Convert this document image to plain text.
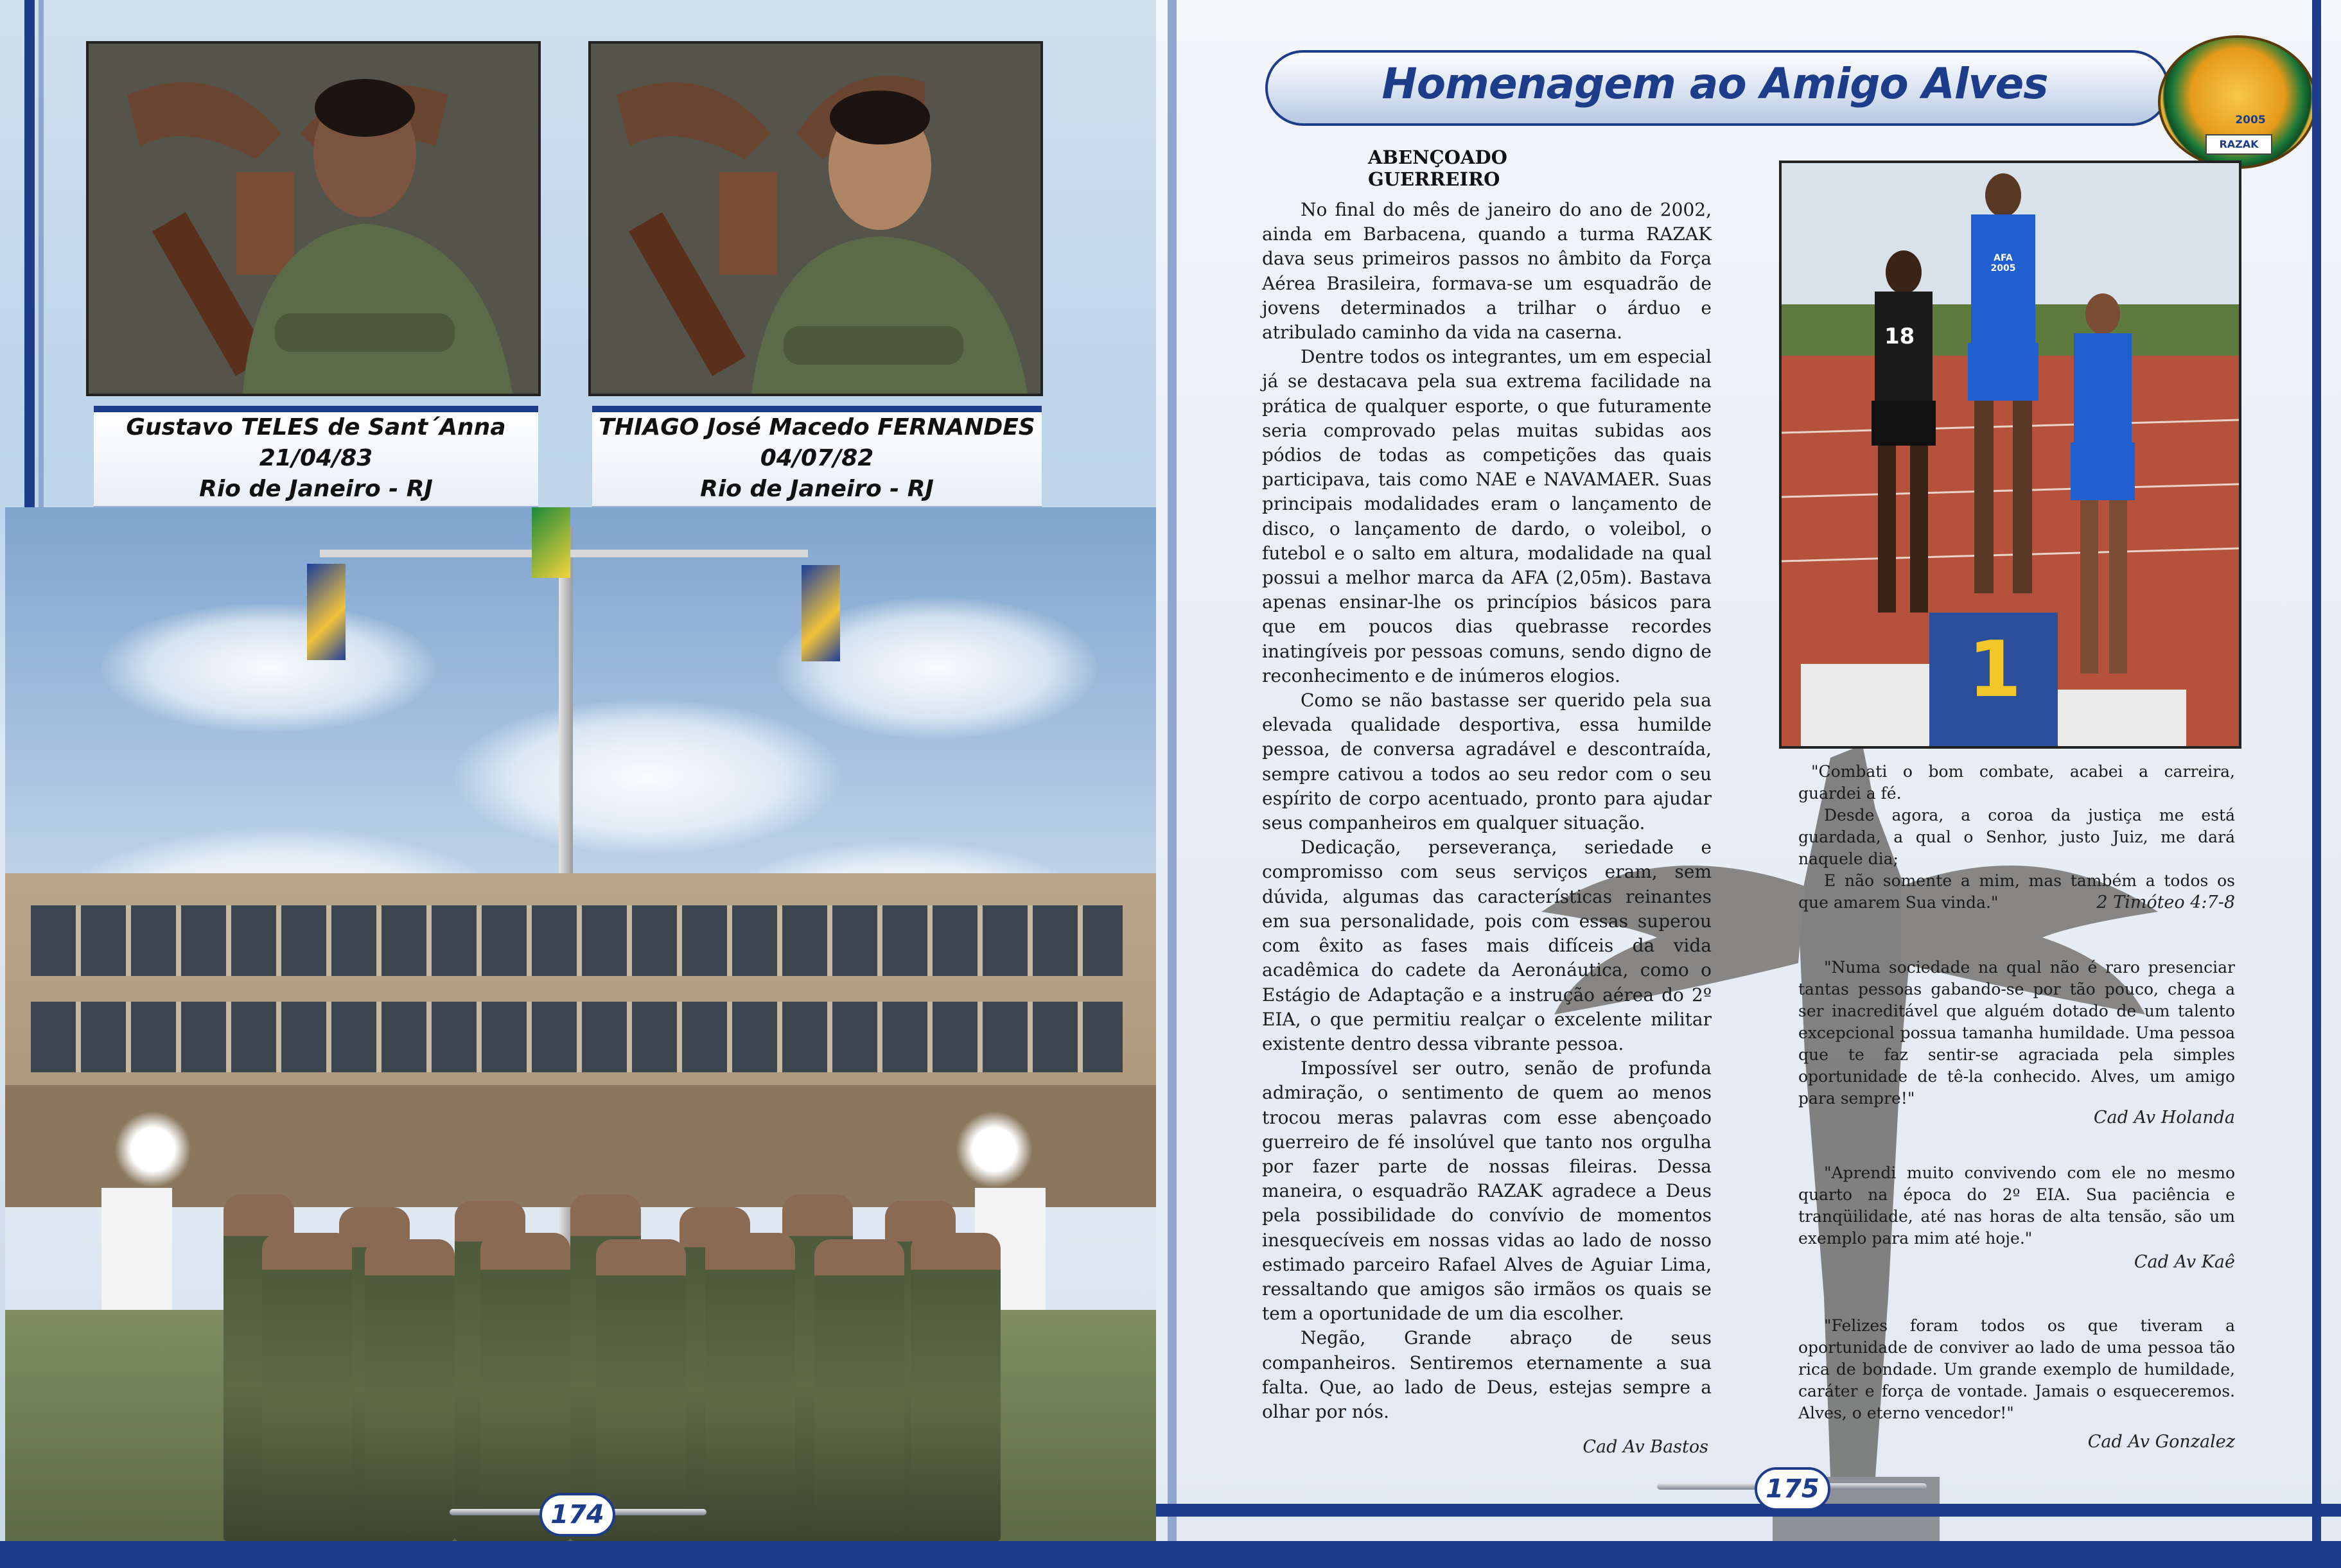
Gustavo TELES de Sant´Anna
21/04/83
Rio de Janeiro - RJ
THIAGO José Macedo FERNANDES
04/07/82
Rio de Janeiro - RJ
174
Homenagem ao Amigo Alves
RAZAK
2005
ABENÇOADO GUERREIRO

No final do mês de janeiro do ano de 2002, ainda em Barbacena, quando a turma RAZAK dava seus primeiros passos no âmbito da Força Aérea Brasileira, formava-se um esquadrão de jovens determinados a trilhar o árduo e atribulado caminho da vida na caserna.

Dentre todos os integrantes, um em especial já se destacava pela sua extrema facilidade na prática de qualquer esporte, o que futuramente seria comprovado pelas muitas subidas aos pódios de todas as competições das quais participava, tais como NAE e NAVAMAER. Suas principais modalidades eram o lançamento de disco, o lançamento de dardo, o voleibol, o futebol e o salto em altura, modalidade na qual possui a melhor marca da AFA (2,05m). Bastava apenas ensinar-lhe os princípios básicos para que em poucos dias quebrasse recordes inatingíveis por pessoas comuns, sendo digno de reconhecimento e de inúmeros elogios.

Como se não bastasse ser querido pela sua elevada qualidade desportiva, essa humilde pessoa, de conversa agradável e descontraída, sempre cativou a todos ao seu redor com o seu espírito de corpo acentuado, pronto para ajudar seus companheiros em qualquer situação.

Dedicação, perseverança, seriedade e compromisso com seus serviços eram, sem dúvida, algumas das características reinantes em sua personalidade, pois com essas superou com êxito as fases mais difíceis da vida acadêmica do cadete da Aeronáutica, como o Estágio de Adaptação e a instrução aérea do 2º EIA, o que permitiu realçar o excelente militar existente dentro dessa vibrante pessoa.

Impossível ser outro, senão de profunda admiração, o sentimento de quem ao menos trocou meras palavras com esse abençoado guerreiro de fé insolúvel que tanto nos orgulha por fazer parte de nossas fileiras. Dessa maneira, o esquadrão RAZAK agradece a Deus pela possibilidade do convívio de momentos inesquecíveis em nossas vidas ao lado de nosso estimado parceiro Rafael Alves de Aguiar Lima, ressaltando que amigos são irmãos os quais se tem a oportunidade de um dia escolher.

Negão, Grande abraço de seus companheiros. Sentiremos eternamente a sua falta. Que, ao lado de Deus, estejas sempre a olhar por nós.

Cad Av Bastos
18
AFA 2005
1
"Combati o bom combate, acabei a carreira, guardei a fé.
Desde agora, a coroa da justiça me está guardada, a qual o Senhor, justo Juiz, me dará naquele dia;
E não somente a mim, mas também a todos os que amarem Sua vinda."	2 Timóteo 4:7-8
"Numa sociedade na qual não é raro presenciar tantas pessoas gabando-se por tão pouco, chega a ser inacreditável que alguém dotado de um talento excepcional possua tamanha humildade. Uma pessoa que te faz sentir-se agraciada pela simples oportunidade de tê-la conhecido. Alves, um amigo para sempre!"
Cad Av Holanda
"Aprendi muito convivendo com ele no mesmo quarto na época do 2º EIA. Sua paciência e tranqüilidade, até nas horas de alta tensão, são um exemplo para mim até hoje."
Cad Av Kaê
"Felizes foram todos os que tiveram a oportunidade de conviver ao lado de uma pessoa tão rica de bondade. Um grande exemplo de humildade, caráter e força de vontade. Jamais o esqueceremos. Alves, o eterno vencedor!"
Cad Av Gonzalez
175
